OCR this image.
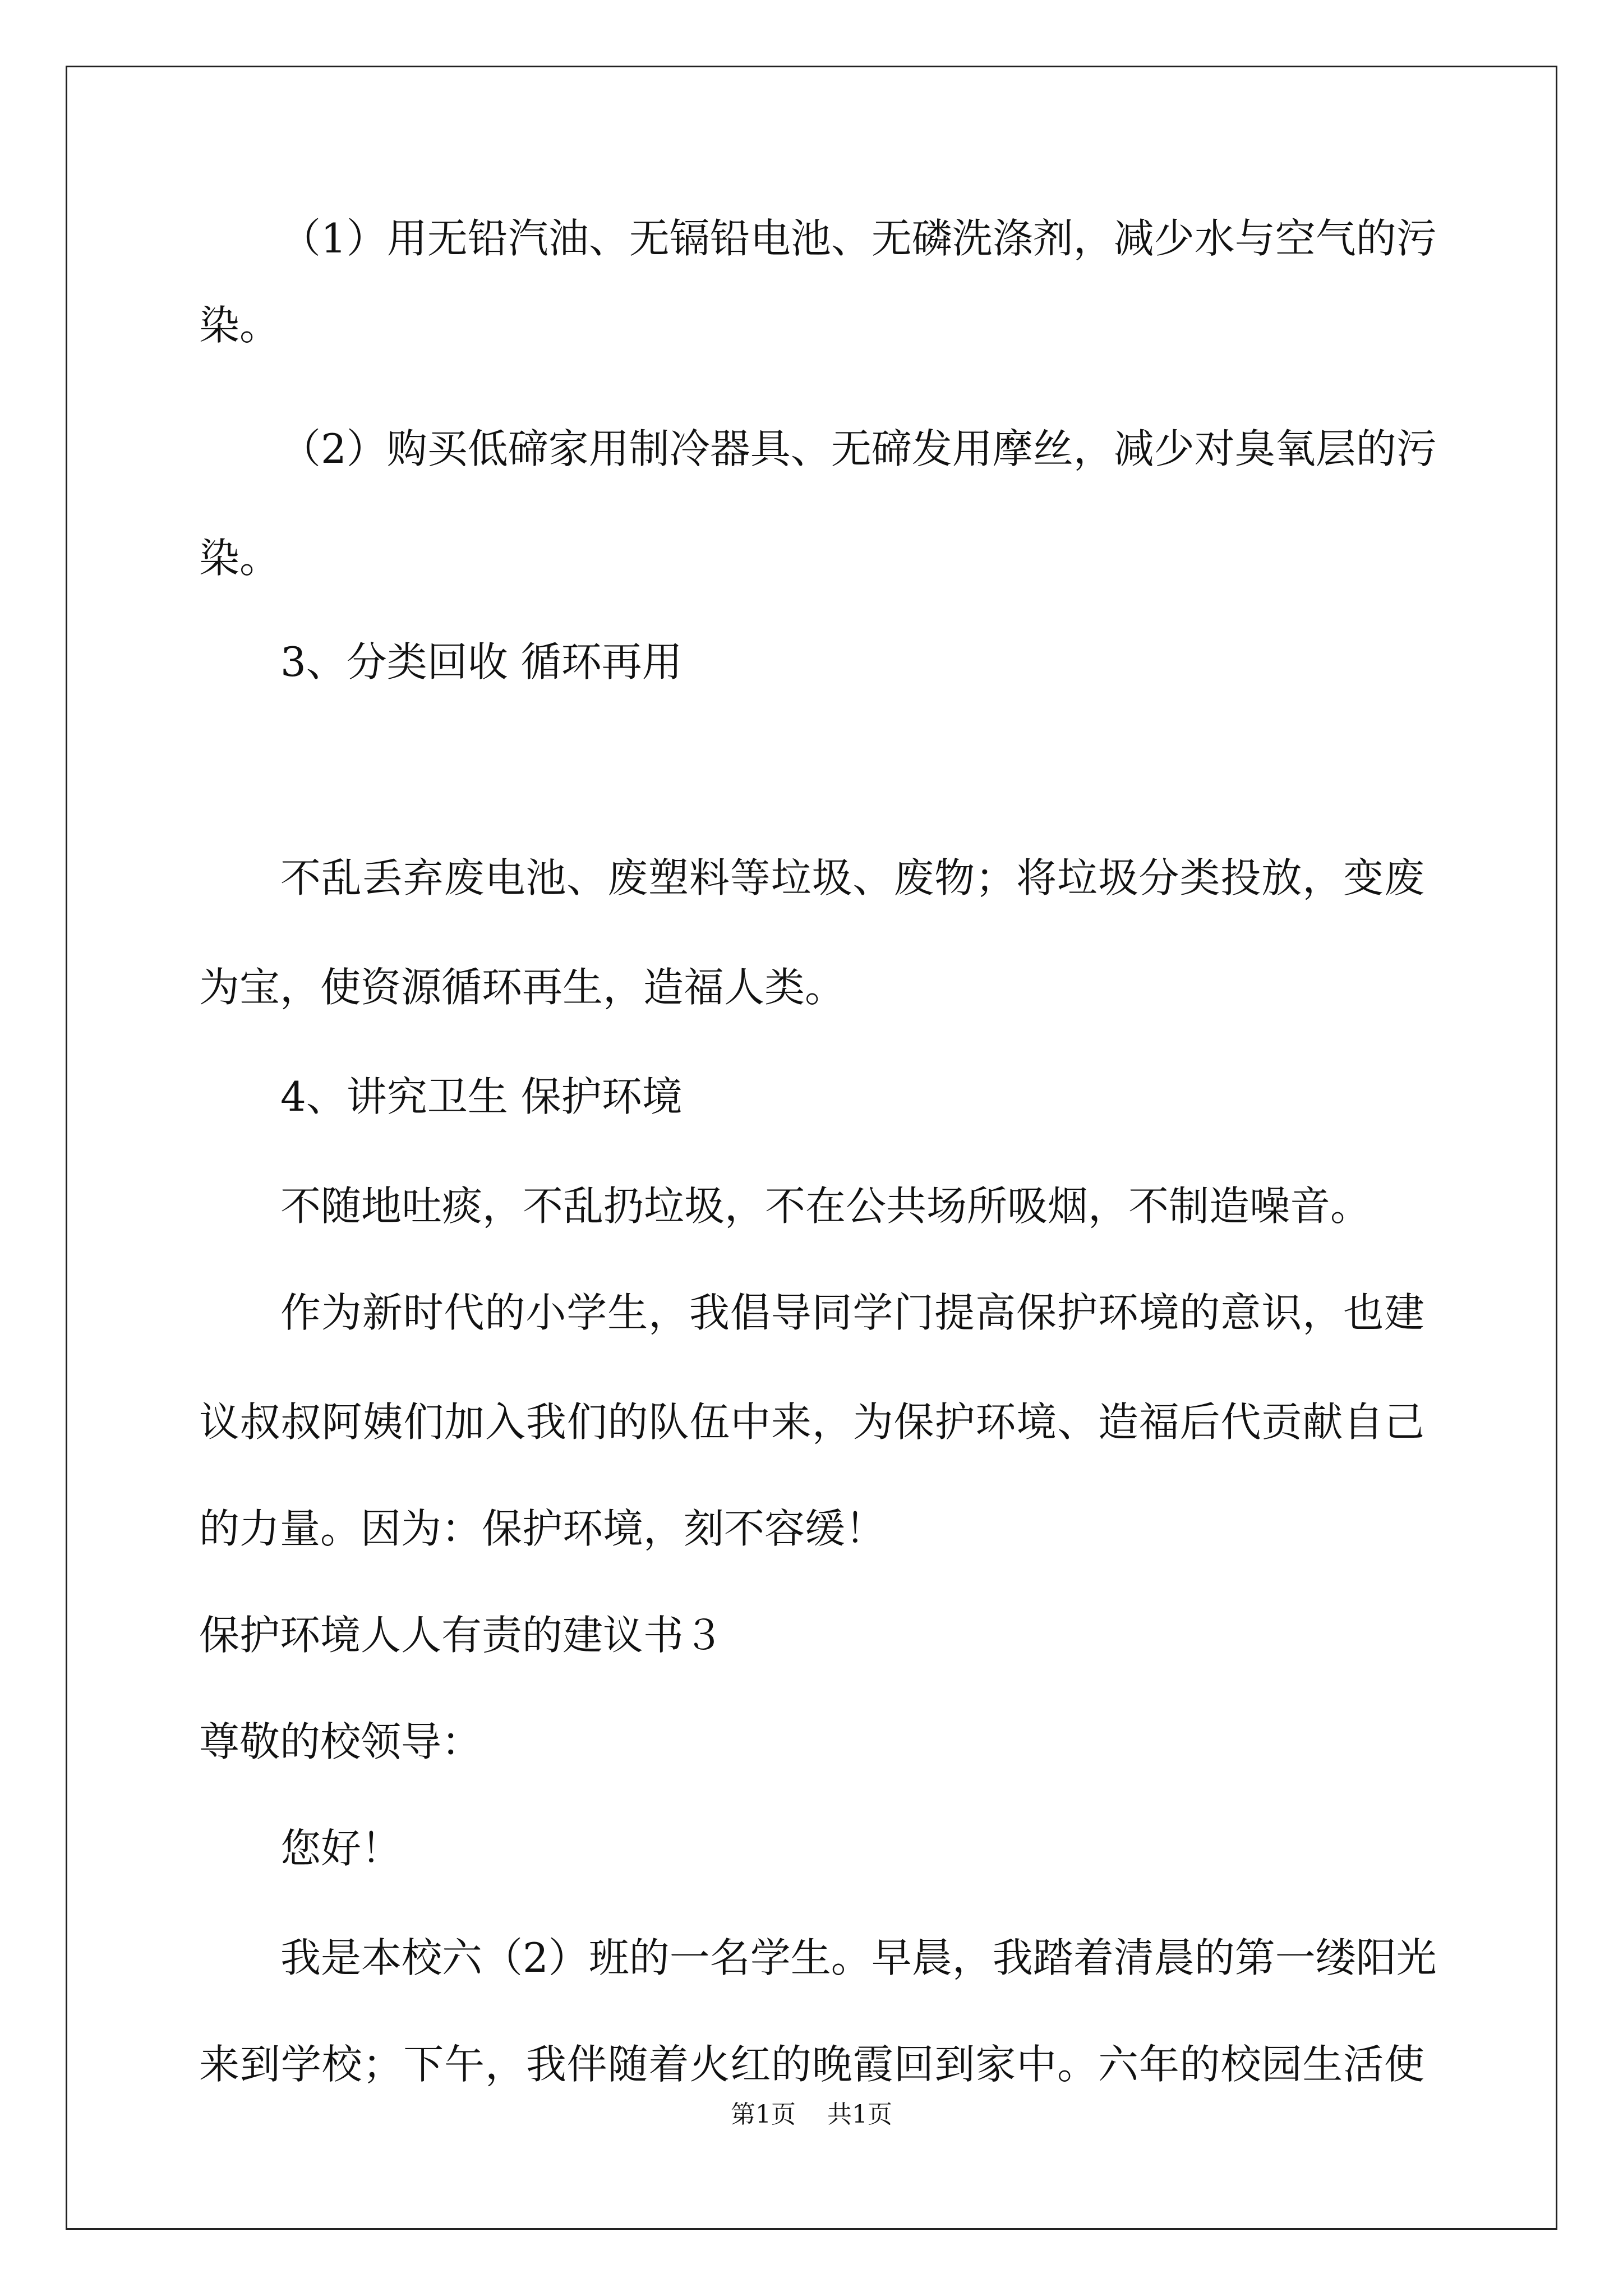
（1）用无铅汽油、无镉铅电池、无磷洗涤剂，减少水与空气的污
染。
（2）购买低碲家用制冷器具、无碲发用摩丝，减少对臭氧层的污
染。
3、分类回收 循环再用
不乱丢弃废电池、废塑料等垃圾、废物；将垃圾分类投放，变废
为宝，使资源循环再生，造福人类。
4、讲究卫生 保护环境
不随地吐痰，不乱扔垃圾，不在公共场所吸烟，不制造噪音。
作为新时代的小学生，我倡导同学门提高保护环境的意识，也建
议叔叔阿姨们加入我们的队伍中来，为保护环境、造福后代贡献自己
的力量。因为：保护环境，刻不容缓！
保护环境人人有责的建议书３
尊敬的校领导：
您好！
我是本校六（2）班的一名学生。早晨，我踏着清晨的第一缕阳光
来到学校；下午，我伴随着火红的晚霞回到家中。六年的校园生活使
第1页 共1页
